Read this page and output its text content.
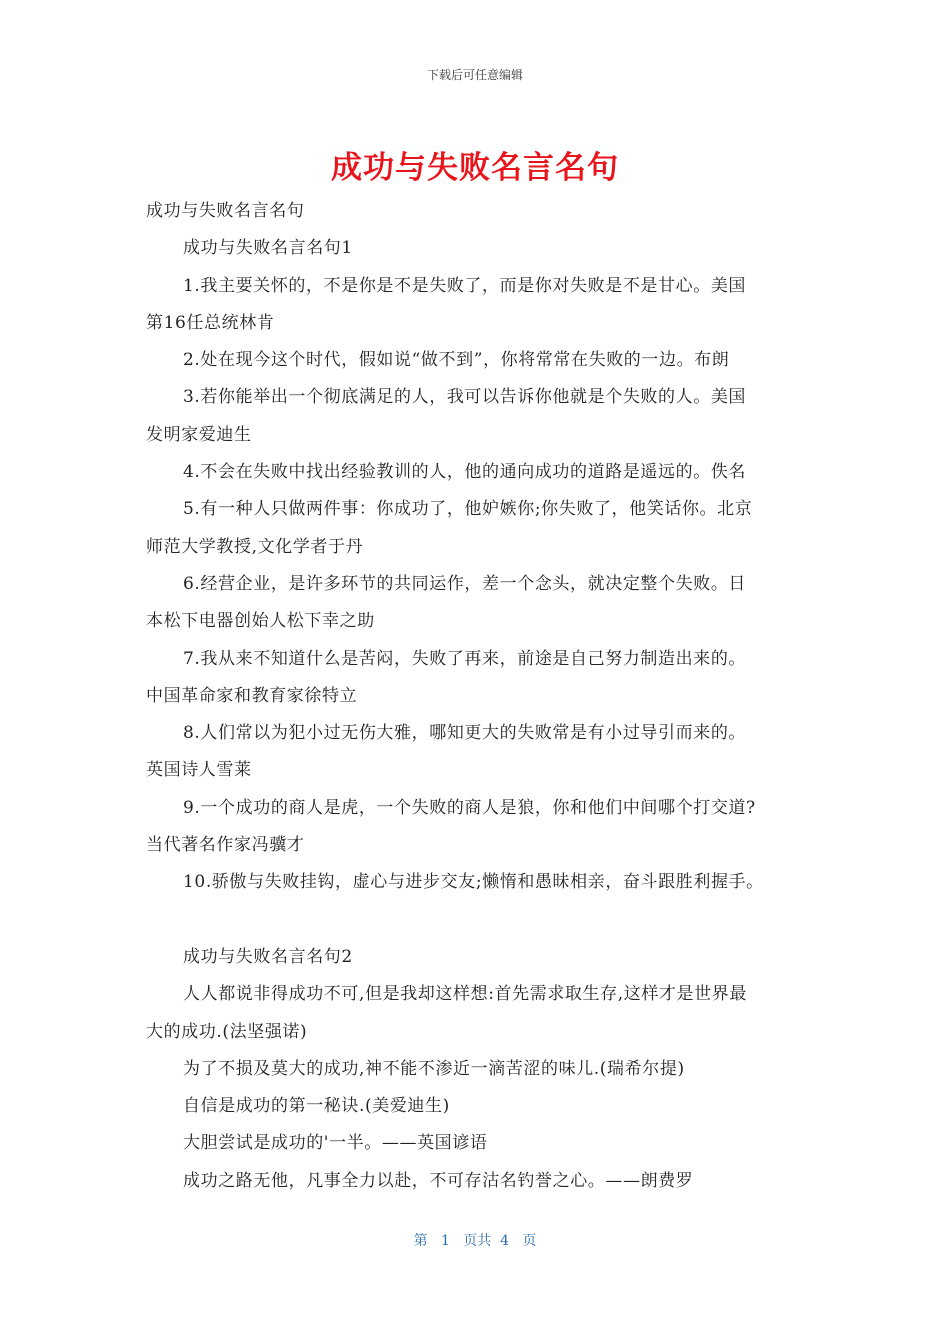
下载后可任意编辑
成功与失败名言名句
成功与失败名言名句
成功与失败名言名句1
1.我主要关怀的，不是你是不是失败了，而是你对失败是不是甘心。美国
第16任总统林肯
2.处在现今这个时代，假如说“做不到”，你将常常在失败的一边。布朗
3.若你能举出一个彻底满足的人，我可以告诉你他就是个失败的人。美国
发明家爱迪生
4.不会在失败中找出经验教训的人，他的通向成功的道路是遥远的。佚名
5.有一种人只做两件事：你成功了，他妒嫉你;你失败了，他笑话你。北京
师范大学教授,文化学者于丹
6.经营企业，是许多环节的共同运作，差一个念头，就决定整个失败。日
本松下电器创始人松下幸之助
7.我从来不知道什么是苦闷，失败了再来，前途是自己努力制造出来的。
中国革命家和教育家徐特立
8.人们常以为犯小过无伤大雅，哪知更大的失败常是有小过导引而来的。
英国诗人雪莱
9.一个成功的商人是虎，一个失败的商人是狼，你和他们中间哪个打交道?
当代著名作家冯骥才
10.骄傲与失败挂钩，虚心与进步交友;懒惰和愚昧相亲，奋斗跟胜利握手。
成功与失败名言名句2
人人都说非得成功不可,但是我却这样想:首先需求取生存,这样才是世界最
大的成功.(法坚强诺)
为了不损及莫大的成功,神不能不渗近一滴苦涩的味儿.(瑞希尔提)
自信是成功的第一秘诀.(美爱迪生)
大胆尝试是成功的'一半。——英国谚语
成功之路无他，凡事全力以赴，不可存沽名钓誉之心。——朗费罗
第 1 页共 4 页
